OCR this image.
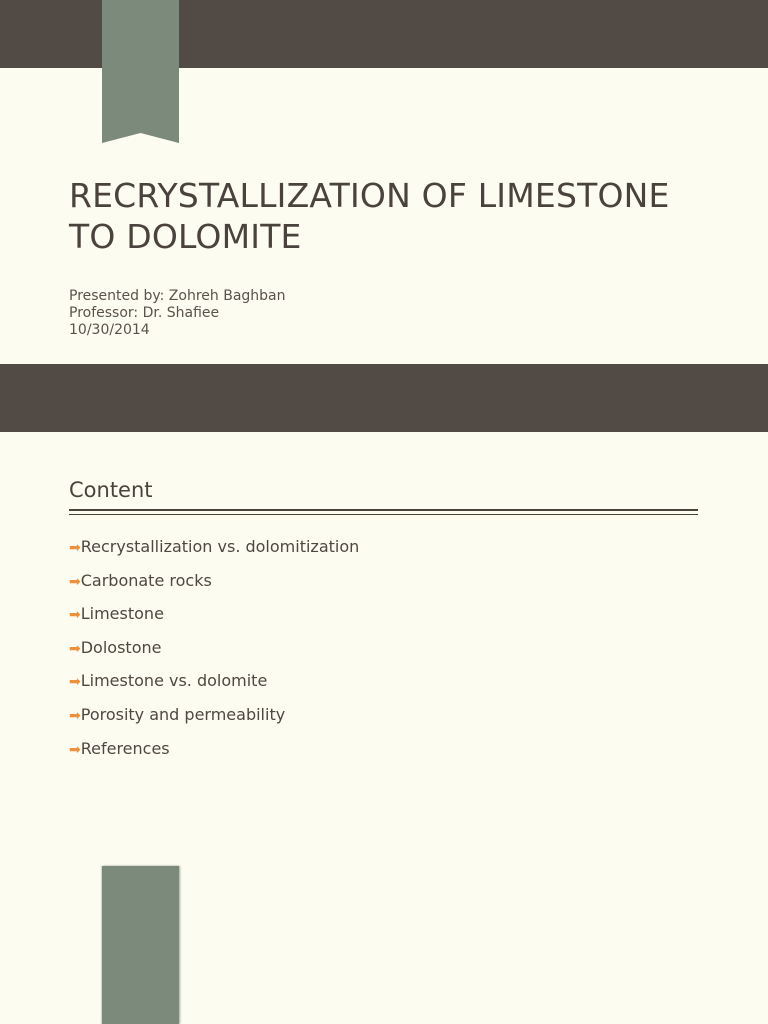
RECRYSTALLIZATION OF LIMESTONE
TO DOLOMITE
Presented by: Zohreh Baghban
Professor: Dr. Shafiee
10/30/2014
Content
➡Recrystallization vs. dolomitization
➡Carbonate rocks
➡Limestone
➡Dolostone
➡Limestone vs. dolomite
➡Porosity and permeability
➡References
